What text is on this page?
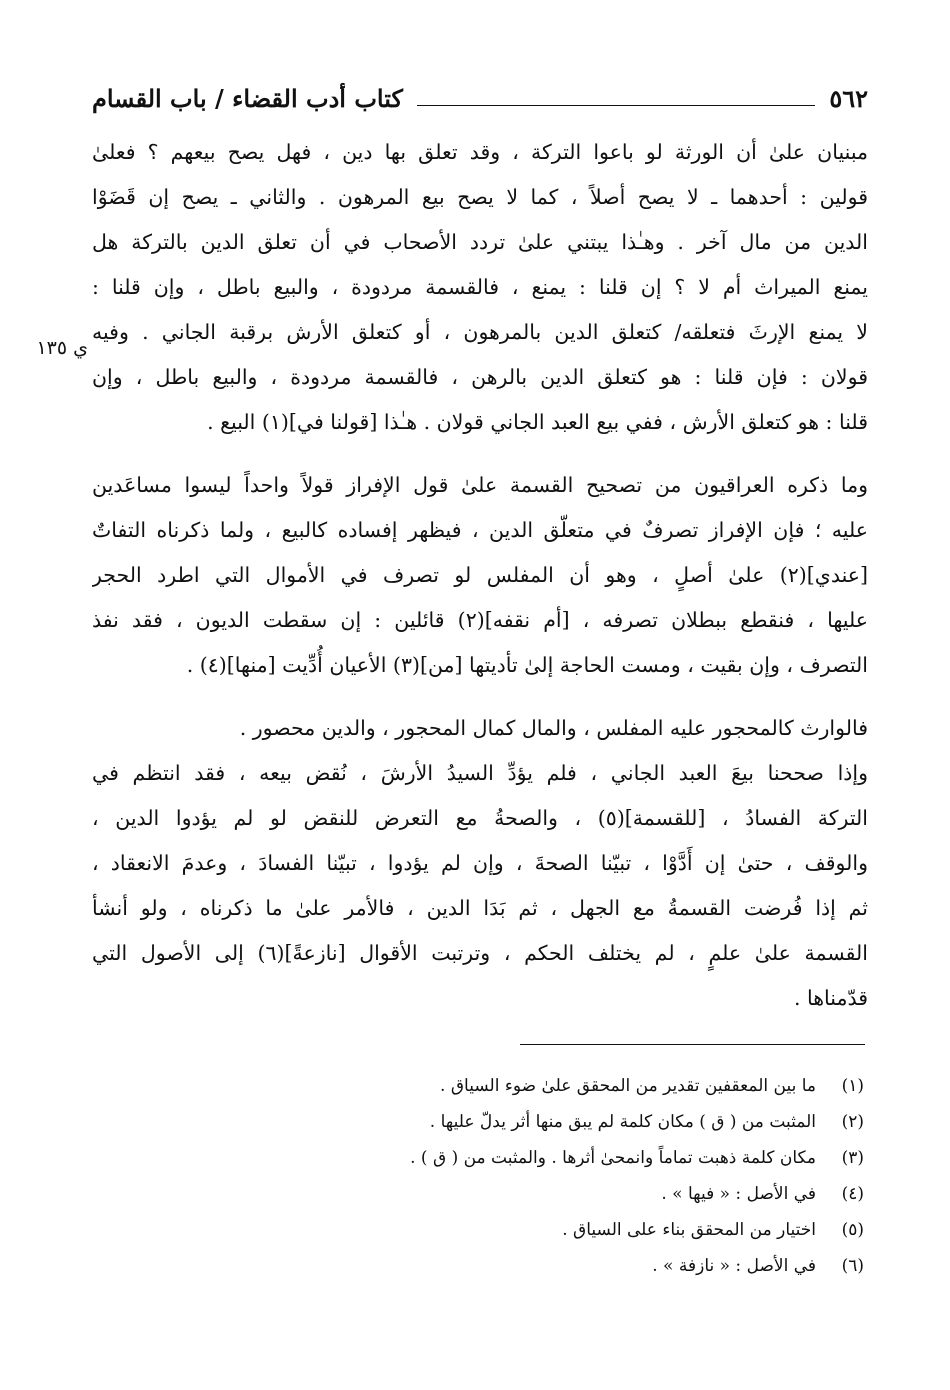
٥٦٢
كتاب أدب القضاء / باب القسام
ي ١٣٥
مبنيان علىٰ أن الورثة لو باعوا التركة ، وقد تعلق بها دين ، فهل يصح بيعهم ؟ فعلىٰ
قولين : أحدهما ـ لا يصح أصلاً ، كما لا يصح بيع المرهون . والثاني ـ يصح إن قَضَوْا
الدين من مال آخر . وهـٰذا يبتني علىٰ تردد الأصحاب في أن تعلق الدين بالتركة هل
يمنع الميراث أم لا ؟ إن قلنا : يمنع ، فالقسمة مردودة ، والبيع باطل ، وإن قلنا :
لا يمنع الإرثَ فتعلقه/ كتعلق الدين بالمرهون ، أو كتعلق الأرش برقبة الجاني . وفيه
قولان : فإن قلنا : هو كتعلق الدين بالرهن ، فالقسمة مردودة ، والبيع باطل ، وإن
قلنا : هو كتعلق الأرش ، ففي بيع العبد الجاني قولان . هـٰذا [قولنا في](١) البيع .
وما ذكره العراقيون من تصحيح القسمة علىٰ قول الإفراز قولاً واحداً ليسوا مساعَدين
عليه ؛ فإن الإفراز تصرفٌ في متعلّق الدين ، فيظهر إفساده كالبيع ، ولما ذكرناه التفاتٌ
[عندي](٢) علىٰ أصلٍ ، وهو أن المفلس لو تصرف في الأموال التي اطرد الحجر
عليها ، فنقطع ببطلان تصرفه ، [أم نقفه](٢) قائلين : إن سقطت الديون ، فقد نفذ
التصرف ، وإن بقيت ، ومست الحاجة إلىٰ تأديتها [من](٣) الأعيان أُدِّيت [منها](٤) .
فالوارث كالمحجور عليه المفلس ، والمال كمال المحجور ، والدين محصور .
وإذا صححنا بيعَ العبد الجاني ، فلم يؤدِّ السيدُ الأرشَ ، نُقض بيعه ، فقد انتظم في
التركة الفسادُ ، [للقسمة](٥) ، والصحةُ مع التعرض للنقض لو لم يؤدوا الدين ،
والوقف ، حتىٰ إن أَدَّوْا ، تبيّنا الصحةَ ، وإن لم يؤدوا ، تبيّنا الفسادَ ، وعدمَ الانعقاد ،
ثم إذا فُرضت القسمةُ مع الجهل ، ثم بَدَا الدين ، فالأمر علىٰ ما ذكرناه ، ولو أنشأ
القسمة علىٰ علمٍ ، لم يختلف الحكم ، وترتبت الأقوال [نازعةً](٦) إلى الأصول التي
قدّمناها .
(١)
ما بين المعقفين تقدير من المحقق علىٰ ضوء السياق .
(٢)
المثبت من ( ق ) مكان كلمة لم يبق منها أثر يدلّ عليها .
(٣)
مكان كلمة ذهبت تماماً وانمحىٰ أثرها . والمثبت من ( ق ) .
(٤)
في الأصل : « فيها » .
(٥)
اختيار من المحقق بناء على السياق .
(٦)
في الأصل : « نازفة » .
